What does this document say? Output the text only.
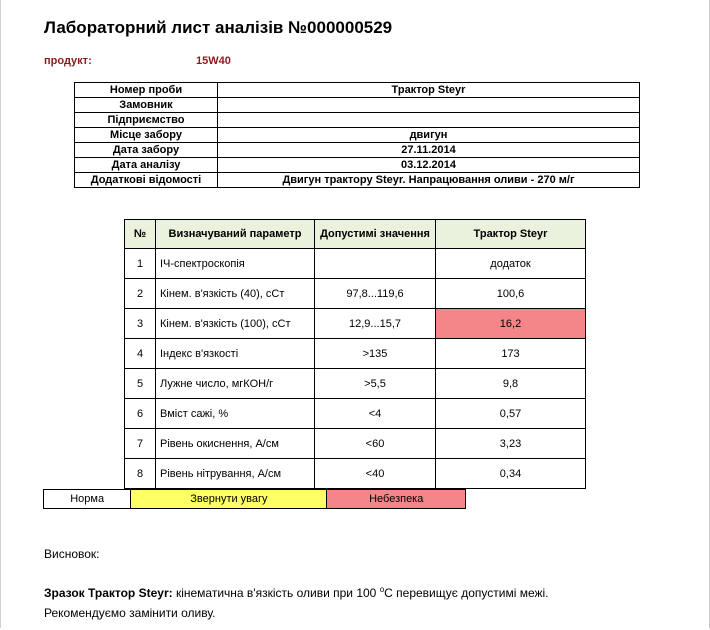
Лабораторний лист аналізів №000000529
продукт:	15W40
Номер проби	Трактор Steyr
Замовник	
Підприємство	
Місце забору	двигун
Дата забору	27.11.2014
Дата аналізу	03.12.2014
Додаткові відомості	Двигун трактору Steyr. Напрацювання оливи - 270 м/г
№	Визначуваний параметр	Допустимі значення	Трактор Steyr
1	ІЧ-спектроскопія		додаток
2	Кінем. в'язкість (40), сСт	97,8...119,6	100,6
3	Кінем. в'язкість (100), сСт	12,9...15,7	16,2
4	Індекс в'язкості	>135	173
5	Лужне число, мгКОН/г	>5,5	9,8
6	Вміст сажі, %	<4	0,57
7	Рівень окиснення, А/см	<60	3,23
8	Рівень нітрування, А/см	<40	0,34
Норма	Звернути увагу	Небезпека
Висновок:
Зразок Трактор Steyr: кінематична в'язкість оливи при 100 $^о$С перевищує допустимі межі.
Рекомендуємо замінити оливу.
